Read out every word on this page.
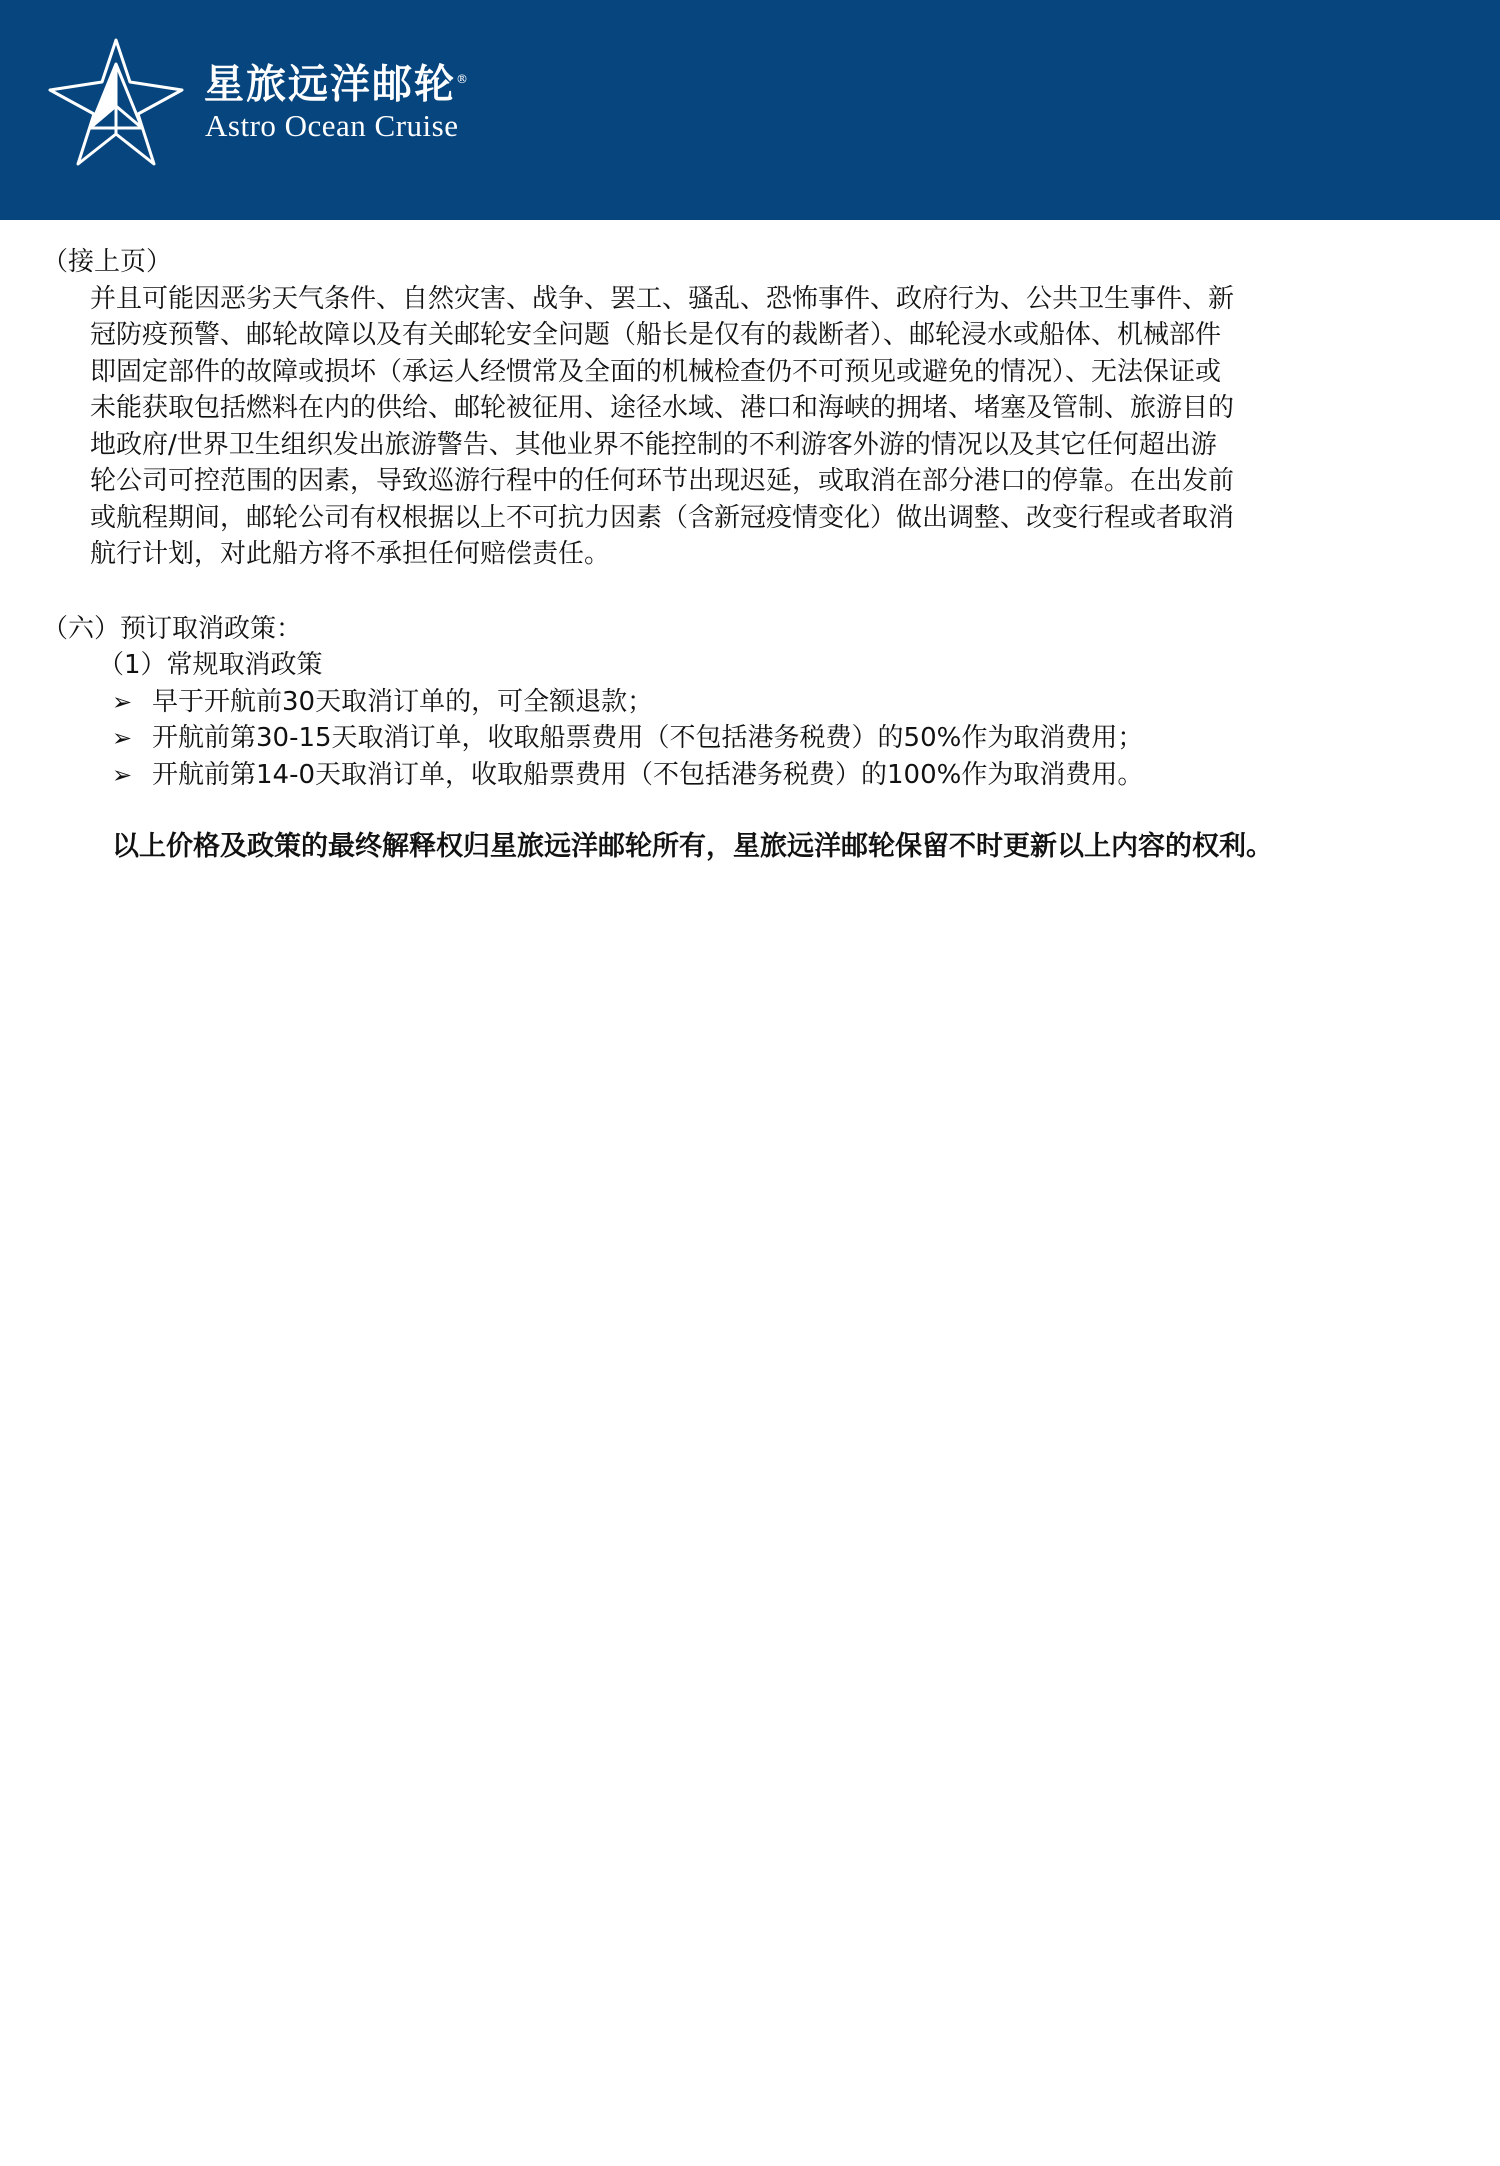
星旅远洋邮轮®
Astro Ocean Cruise
（接上页）
并且可能因恶劣天气条件、自然灾害、战争、罢工、骚乱、恐怖事件、政府行为、公共卫生事件、新
冠防疫预警、邮轮故障以及有关邮轮安全问题（船长是仅有的裁断者）、邮轮浸水或船体、机械部件
即固定部件的故障或损坏（承运人经惯常及全面的机械检查仍不可预见或避免的情况）、无法保证或
未能获取包括燃料在内的供给、邮轮被征用、途径水域、港口和海峡的拥堵、堵塞及管制、旅游目的
地政府/世界卫生组织发出旅游警告、其他业界不能控制的不利游客外游的情况以及其它任何超出游
轮公司可控范围的因素，导致巡游行程中的任何环节出现迟延，或取消在部分港口的停靠。在出发前
或航程期间，邮轮公司有权根据以上不可抗力因素（含新冠疫情变化）做出调整、改变行程或者取消
航行计划，对此船方将不承担任何赔偿责任。
（六）预订取消政策：
（1）常规取消政策
➢ 早于开航前30天取消订单的，可全额退款；
➢ 开航前第30-15天取消订单，收取船票费用（不包括港务税费）的50%作为取消费用；
➢ 开航前第14-0天取消订单，收取船票费用（不包括港务税费）的100%作为取消费用。
以上价格及政策的最终解释权归星旅远洋邮轮所有，星旅远洋邮轮保留不时更新以上内容的权利。
